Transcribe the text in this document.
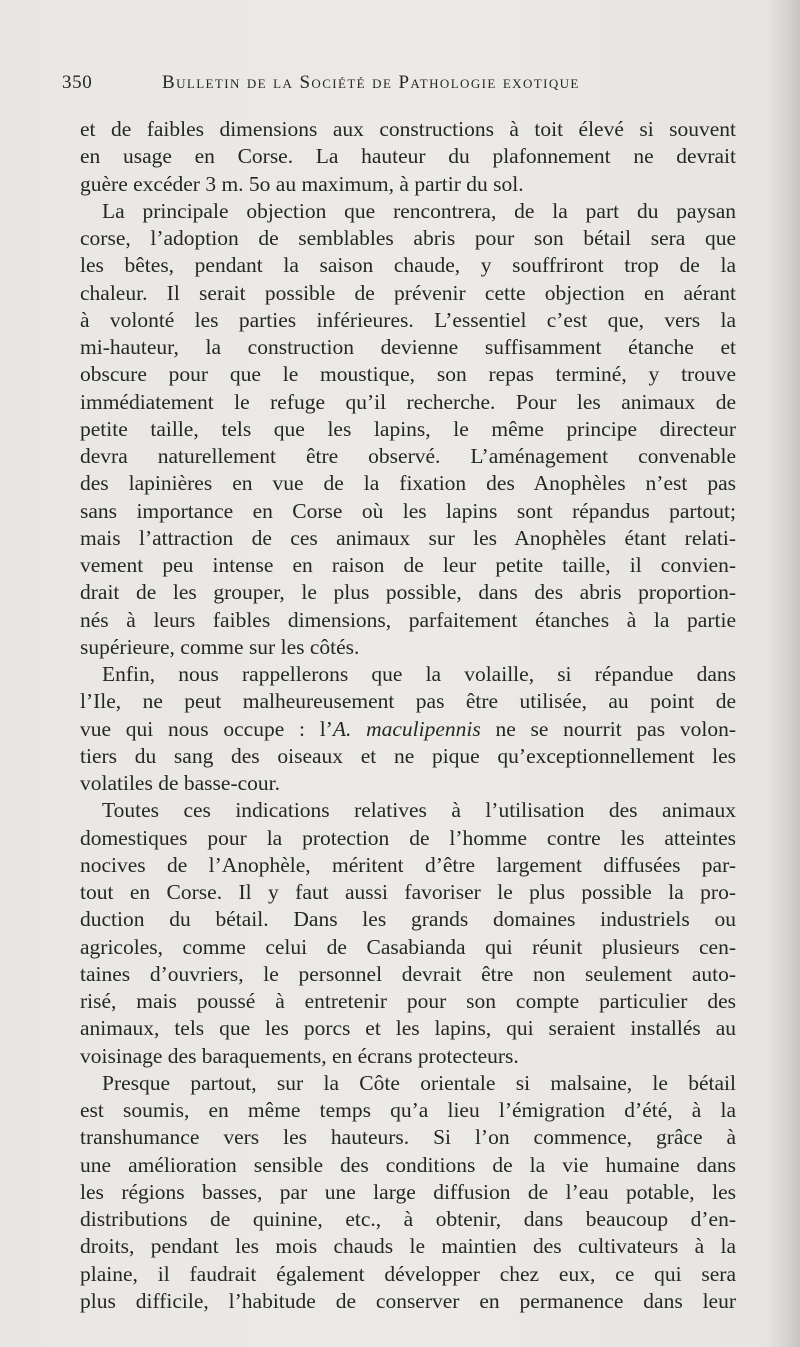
350	Bulletin de la Société de Pathologie exotique
et de faibles dimensions aux constructions à toit élevé si souvent
en usage en Corse. La hauteur du plafonnement ne devrait
guère excéder 3 m. 5o au maximum, à partir du sol.
La principale objection que rencontrera, de la part du paysan
corse, l’adoption de semblables abris pour son bétail sera que
les bêtes, pendant la saison chaude, y souffriront trop de la
chaleur. Il serait possible de prévenir cette objection en aérant
à volonté les parties inférieures. L’essentiel c’est que, vers la
mi-hauteur, la construction devienne suffisamment étanche et
obscure pour que le moustique, son repas terminé, y trouve
immédiatement le refuge qu’il recherche. Pour les animaux de
petite taille, tels que les lapins, le même principe directeur
devra naturellement être observé. L’aménagement convenable
des lapinières en vue de la fixation des Anophèles n’est pas
sans importance en Corse où les lapins sont répandus partout;
mais l’attraction de ces animaux sur les Anophèles étant relati-
vement peu intense en raison de leur petite taille, il convien-
drait de les grouper, le plus possible, dans des abris proportion-
nés à leurs faibles dimensions, parfaitement étanches à la partie
supérieure, comme sur les côtés.
Enfin, nous rappellerons que la volaille, si répandue dans
l’Ile, ne peut malheureusement pas être utilisée, au point de
vue qui nous occupe : l’A. maculipennis ne se nourrit pas volon-
tiers du sang des oiseaux et ne pique qu’exceptionnellement les
volatiles de basse-cour.
Toutes ces indications relatives à l’utilisation des animaux
domestiques pour la protection de l’homme contre les atteintes
nocives de l’Anophèle, méritent d’être largement diffusées par-
tout en Corse. Il y faut aussi favoriser le plus possible la pro-
duction du bétail. Dans les grands domaines industriels ou
agricoles, comme celui de Casabianda qui réunit plusieurs cen-
taines d’ouvriers, le personnel devrait être non seulement auto-
risé, mais poussé à entretenir pour son compte particulier des
animaux, tels que les porcs et les lapins, qui seraient installés au
voisinage des baraquements, en écrans protecteurs.
Presque partout, sur la Côte orientale si malsaine, le bétail
est soumis, en même temps qu’a lieu l’émigration d’été, à la
transhumance vers les hauteurs. Si l’on commence, grâce à
une amélioration sensible des conditions de la vie humaine dans
les régions basses, par une large diffusion de l’eau potable, les
distributions de quinine, etc., à obtenir, dans beaucoup d’en-
droits, pendant les mois chauds le maintien des cultivateurs à la
plaine, il faudrait également développer chez eux, ce qui sera
plus difficile, l’habitude de conserver en permanence dans leur
